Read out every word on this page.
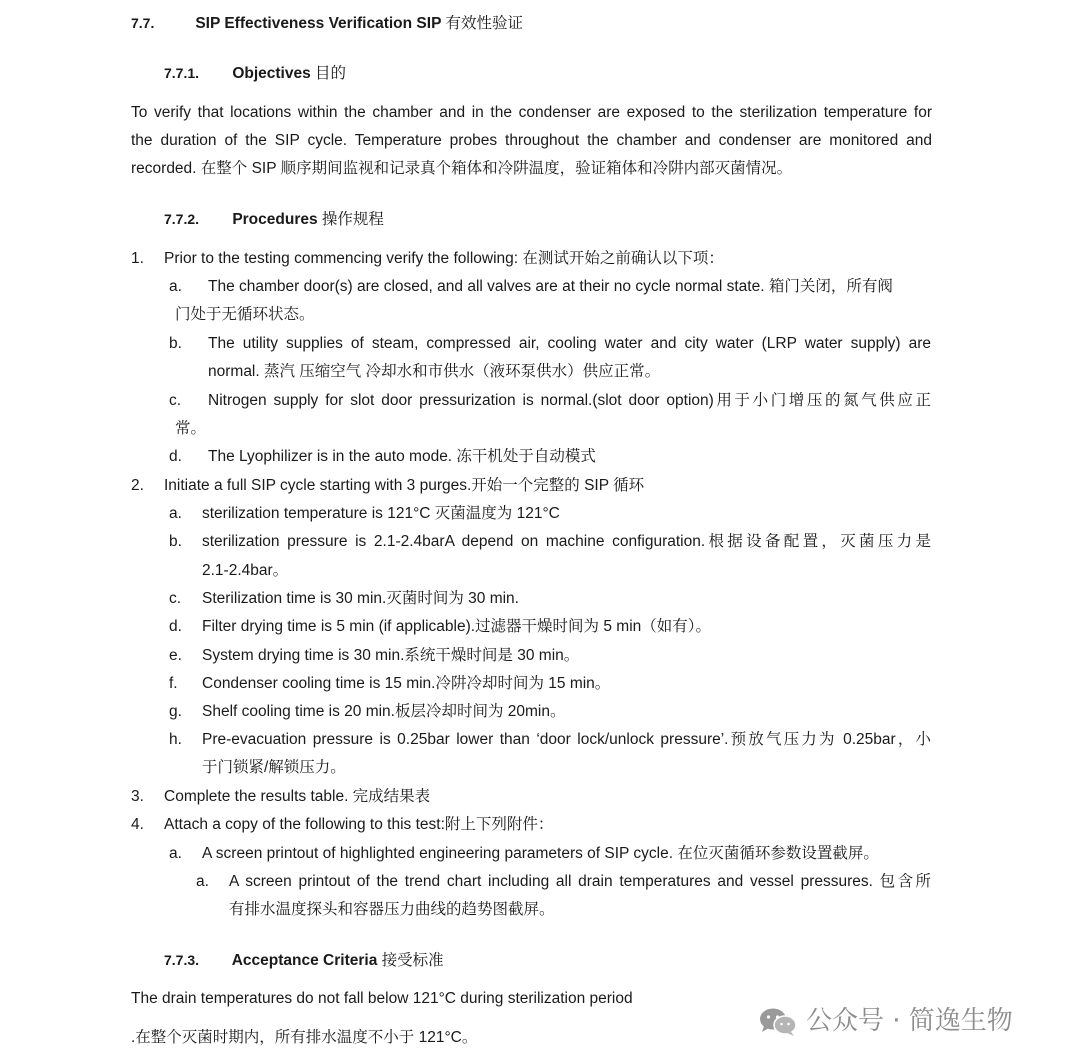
7.7.	SIP Effectiveness Verification SIP 有效性验证
7.7.1. Objectives 目的
To verify that locations within the chamber and in the condenser are exposed to the sterilization temperature for
the duration of the SIP cycle. Temperature probes throughout the chamber and condenser are monitored and
recorded. 在整个 SIP 顺序期间监视和记录真个箱体和冷阱温度，验证箱体和冷阱内部灭菌情况。
7.7.2. Procedures 操作规程
1. Prior to the testing commencing verify the following: 在测试开始之前确认以下项：
a. The chamber door(s) are closed, and all valves are at their no cycle normal state. 箱门关闭，所有阀
门处于无循环状态。
b. The utility supplies of steam, compressed air, cooling water and city water (LRP water supply) are
normal. 蒸汽 压缩空气 冷却水和市供水（液环泵供水）供应正常。
c. Nitrogen supply for slot door pressurization is normal.(slot door option)用于小门增压的氮气供应正
常。
d. The Lyophilizer is in the auto mode. 冻干机处于自动模式
2. Initiate a full SIP cycle starting with 3 purges.开始一个完整的 SIP 循环
a. sterilization temperature is 121°C 灭菌温度为 121°C
b. sterilization pressure is 2.1-2.4barA depend on machine configuration.根据设备配置，灭菌压力是
2.1-2.4bar。
c. Sterilization time is 30 min.灭菌时间为 30 min.
d. Filter drying time is 5 min (if applicable).过滤器干燥时间为 5 min（如有）。
e. System drying time is 30 min.系统干燥时间是 30 min。
f. Condenser cooling time is 15 min.冷阱冷却时间为 15 min。
g. Shelf cooling time is 20 min.板层冷却时间为 20min。
h. Pre-evacuation pressure is 0.25bar lower than ‘door lock/unlock pressure’.预放气压力为 0.25bar，小
于门锁紧/解锁压力。
3. Complete the results table. 完成结果表
4. Attach a copy of the following to this test:附上下列附件：
a. A screen printout of highlighted engineering parameters of SIP cycle. 在位灭菌循环参数设置截屏。
a. A screen printout of the trend chart including all drain temperatures and vessel pressures. 包含所
有排水温度探头和容器压力曲线的趋势图截屏。
7.7.3. Acceptance Criteria 接受标准
The drain temperatures do not fall below 121°C during sterilization period
.在整个灭菌时期内，所有排水温度不小于 121°C。
公众号 · 简逸生物
